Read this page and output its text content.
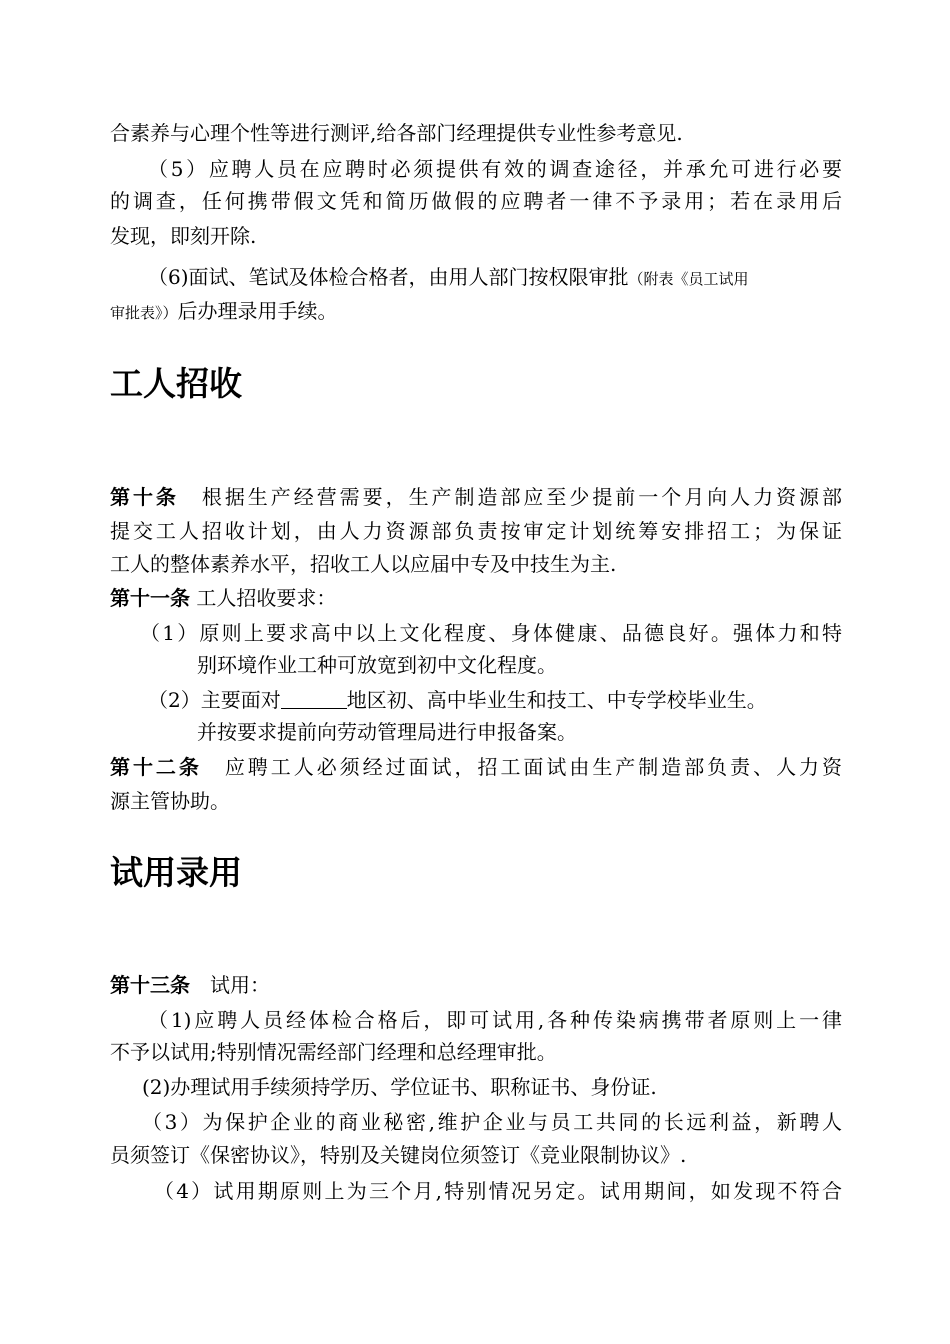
合素养与心理个性等进行测评,给各部门经理提供专业性参考意见.
（5）应聘人员在应聘时必须提供有效的调查途径，并承允可进行必要
的调查，任何携带假文凭和简历做假的应聘者一律不予录用；若在录用后
发现，即刻开除.
（6)面试、笔试及体检合格者，由用人部门按权限审批（附表《员工试用
审批表》）后办理录用手续。
工人招收
第十条　 根据生产经营需要，生产制造部应至少提前一个月向人力资源部
提交工人招收计划，由人力资源部负责按审定计划统筹安排招工；为保证
工人的整体素养水平，招收工人以应届中专及中技生为主.
第十一条 工人招收要求：
（1）原则上要求高中以上文化程度、身体健康、品德良好。强体力和特
别环境作业工种可放宽到初中文化程度。
（2）主要面对	地区初、高中毕业生和技工、中专学校毕业生。
并按要求提前向劳动管理局进行申报备案。
第十二条　 应聘工人必须经过面试，招工面试由生产制造部负责、人力资
源主管协助。
试用录用
第十三条　 试用：
（1)应聘人员经体检合格后，即可试用,各种传染病携带者原则上一律
不予以试用;特别情况需经部门经理和总经理审批。
(2)办理试用手续须持学历、学位证书、职称证书、身份证.
（3）为保护企业的商业秘密,维护企业与员工共同的长远利益，新聘人
员须签订《保密协议》，特别及关键岗位须签订《竞业限制协议》.
（4）试用期原则上为三个月,特别情况另定。试用期间，如发现不符合
